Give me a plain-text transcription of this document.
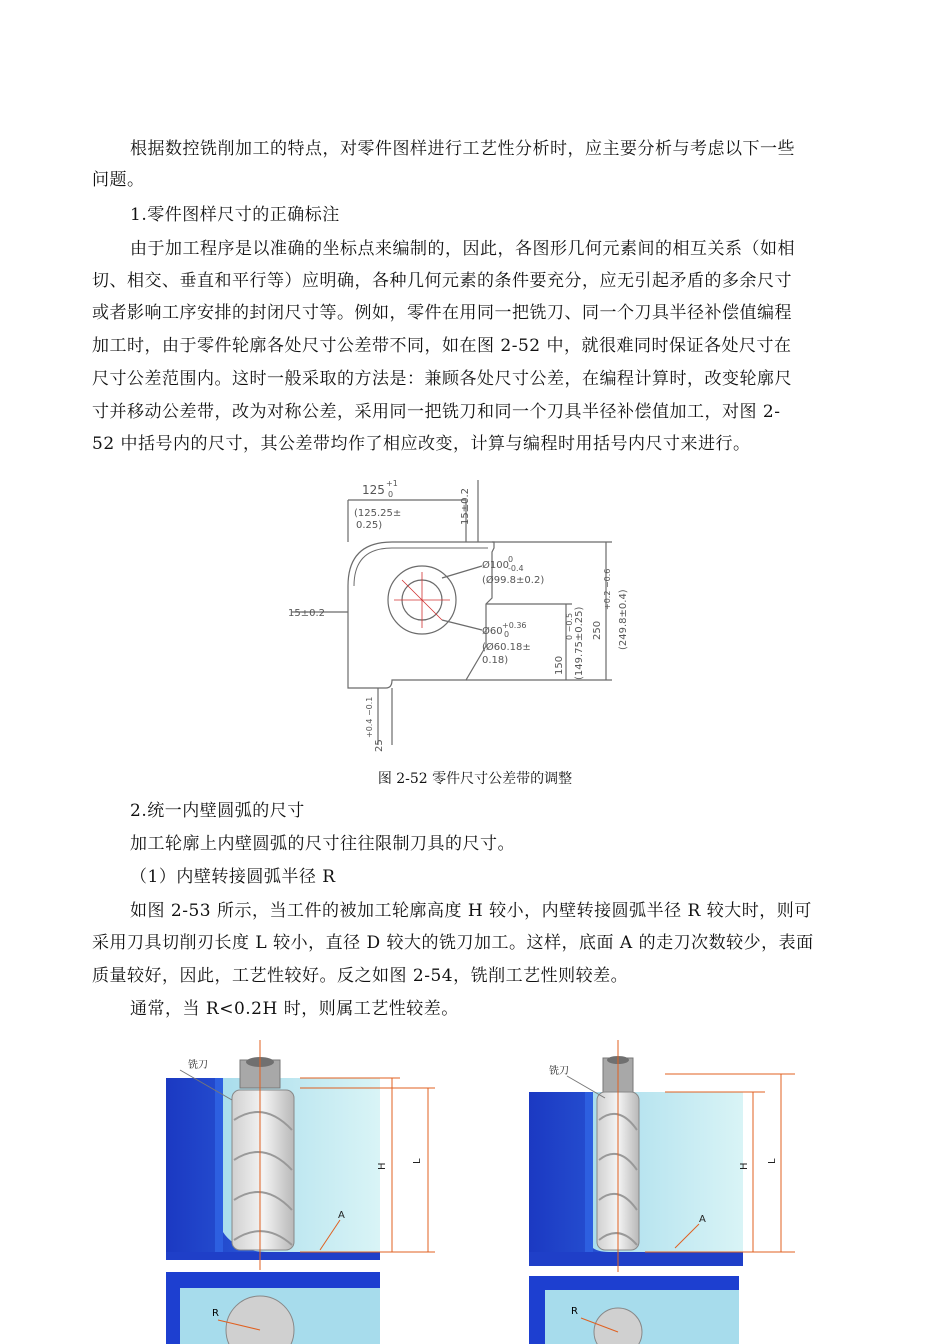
根据数控铣削加工的特点，对零件图样进行工艺性分析时，应主要分析与考虑以下一些
问题。
1.零件图样尺寸的正确标注
由于加工程序是以准确的坐标点来编制的，因此，各图形几何元素间的相互关系（如相
切、相交、垂直和平行等）应明确，各种几何元素的条件要充分，应无引起矛盾的多余尺寸
或者影响工序安排的封闭尺寸等。例如，零件在用同一把铣刀、同一个刀具半径补偿值编程
加工时，由于零件轮廓各处尺寸公差带不同，如在图 2-52 中，就很难同时保证各处尺寸在
尺寸公差范围内。这时一般采取的方法是：兼顾各处尺寸公差，在编程计算时，改变轮廓尺
寸并移动公差带，改为对称公差，采用同一把铣刀和同一个刀具半径补偿值加工，对图 2-
52 中括号内的尺寸，其公差带均作了相应改变，计算与编程时用括号内尺寸来进行。
125 +1
0
(125.25±
0.25)
15±0.2
15±0.2
Ø100
0
-0.4
(Ø99.8±0.2)
Ø60
+0.36
0
(Ø60.18±
0.18)	150
0 −0.5 (149.75±0.25) 250
+0.2 −0.6 (249.8±0.4)
25
+0.4 −0.1
图 2-52 零件尺寸公差带的调整
2.统一内壁圆弧的尺寸
加工轮廓上内壁圆弧的尺寸往往限制刀具的尺寸。
（1）内壁转接圆弧半径 R
如图 2-53 所示，当工件的被加工轮廓高度 H 较小，内壁转接圆弧半径 R 较大时，则可
采用刀具切削刃长度 L 较小，直径 D 较大的铣刀加工。这样，底面 A 的走刀次数较少，表面
质量较好，因此，工艺性较好。反之如图 2-54，铣削工艺性则较差。
通常，当 R<0.2H 时，则属工艺性较差。
铣刀
H
L
A
R
铣刀
H
L
A
R
